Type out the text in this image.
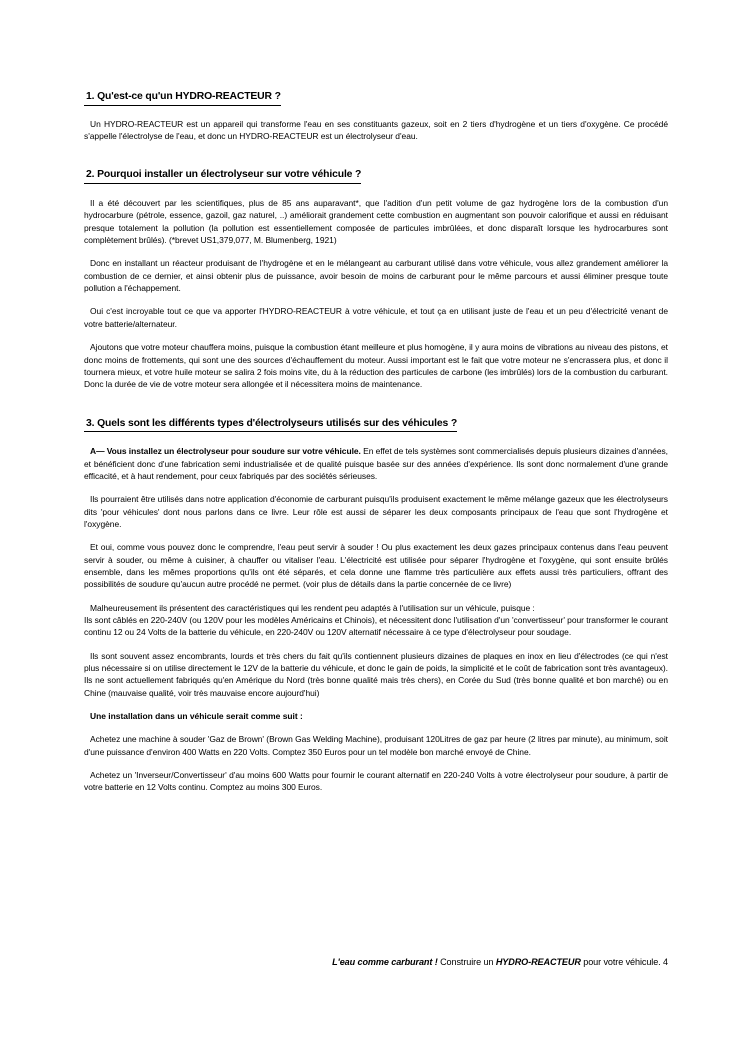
1. Qu'est-ce qu'un HYDRO-REACTEUR ?

Un HYDRO-REACTEUR est un appareil qui transforme l'eau en ses constituants gazeux, soit en 2 tiers d'hydrogène et un tiers d'oxygène. Ce procédé s'appelle l'électrolyse de l'eau, et donc un HYDRO-REACTEUR est un électrolyseur d'eau.

2. Pourquoi installer un électrolyseur sur votre véhicule ?

Il a été découvert par les scientifiques, plus de 85 ans auparavant*, que l'adition d'un petit volume de gaz hydrogène lors de la combustion d'un hydrocarbure (pétrole, essence, gazoil, gaz naturel, ..) améliorait grandement cette combustion en augmentant son pouvoir calorifique et aussi en réduisant presque totalement la pollution (la pollution est essentiellement composée de particules imbrûlées, et donc disparaît lorsque les hydrocarbures sont complètement brûlés). (*brevet US1,379,077, M. Blumenberg, 1921)

Donc en installant un réacteur produisant de l'hydrogène et en le mélangeant au carburant utilisé dans votre véhicule, vous allez grandement améliorer la combustion de ce dernier, et ainsi obtenir plus de puissance, avoir besoin de moins de carburant pour le même parcours et aussi éliminer presque toute pollution a l'échappement.

Oui c'est incroyable tout ce que va apporter l'HYDRO-REACTEUR à votre véhicule, et tout ça en utilisant juste de l'eau et un peu d'électricité venant de votre batterie/alternateur.

Ajoutons que votre moteur chauffera moins, puisque la combustion étant meilleure et plus homogène, il y aura moins de vibrations au niveau des pistons, et donc moins de frottements, qui sont une des sources d'échauffement du moteur. Aussi important est le fait que votre moteur ne s'encrassera plus, et donc il tournera mieux, et votre huile moteur se salira 2 fois moins vite, du à la réduction des particules de carbone (les imbrûlés) lors de la combustion du carburant. Donc la durée de vie de votre moteur sera allongée et il nécessitera moins de maintenance.

3. Quels sont les différents types d'électrolyseurs utilisés sur des véhicules ?

A— Vous installez un électrolyseur pour soudure sur votre véhicule. En effet de tels systèmes sont commercialisés depuis plusieurs dizaines d'années, et bénéficient donc d'une fabrication semi industrialisée et de qualité puisque basée sur des années d'expérience. Ils sont donc normalement d'une grande efficacité, et à haut rendement, pour ceux fabriqués par des sociétés sérieuses.

Ils pourraient être utilisés dans notre application d'économie de carburant puisqu'ils produisent exactement le même mélange gazeux que les électrolyseurs dits 'pour véhicules' dont nous parlons dans ce livre. Leur rôle est aussi de séparer les deux composants principaux de l'eau que sont l'hydrogène et l'oxygène.

Et oui, comme vous pouvez donc le comprendre, l'eau peut servir à souder ! Ou plus exactement les deux gazes principaux contenus dans l'eau peuvent servir à souder, ou même à cuisiner, à chauffer ou vitaliser l'eau. L'électricité est utilisée pour séparer l'hydrogène et l'oxygène, qui sont ensuite brûlés ensemble, dans les mêmes proportions qu'ils ont été séparés, et cela donne une flamme très particulière aux effets aussi très particuliers, offrant des possibilités de soudure qu'aucun autre procédé ne permet. (voir plus de détails dans la partie concernée de ce livre)

Malheureusement ils présentent des caractéristiques qui les rendent peu adaptés à l'utilisation sur un véhicule, puisque :

Ils sont câblés en 220-240V (ou 120V pour les modèles Américains et Chinois), et nécessitent donc l'utilisation d'un 'convertisseur' pour transformer le courant continu 12 ou 24 Volts de la batterie du véhicule, en 220-240V ou 120V alternatif nécessaire à ce type d'électrolyseur pour soudage.

Ils sont souvent assez encombrants, lourds et très chers du fait qu'ils contiennent plusieurs dizaines de plaques en inox en lieu d'électrodes (ce qui n'est plus nécessaire si on utilise directement le 12V de la batterie du véhicule, et donc le gain de poids, la simplicité et le coût de fabrication sont très avantageux). Ils ne sont actuellement fabriqués qu'en Amérique du Nord (très bonne qualité mais très chers), en Corée du Sud (très bonne qualité et bon marché) ou en Chine (mauvaise qualité, voir très mauvaise encore aujourd'hui)

Une installation dans un véhicule serait comme suit :

Achetez une machine à souder 'Gaz de Brown' (Brown Gas Welding Machine), produisant 120Litres de gaz par heure (2 litres par minute), au minimum, soit d'une puissance d'environ 400 Watts en 220 Volts. Comptez 350 Euros pour un tel modèle bon marché envoyé de Chine.

Achetez un 'Inverseur/Convertisseur' d'au moins 600 Watts pour fournir le courant alternatif en 220-240 Volts à votre électrolyseur pour soudure, à partir de votre batterie en 12 Volts continu. Comptez au moins 300 Euros.

L'eau comme carburant ! Construire un HYDRO-REACTEUR pour votre véhicule. 4
